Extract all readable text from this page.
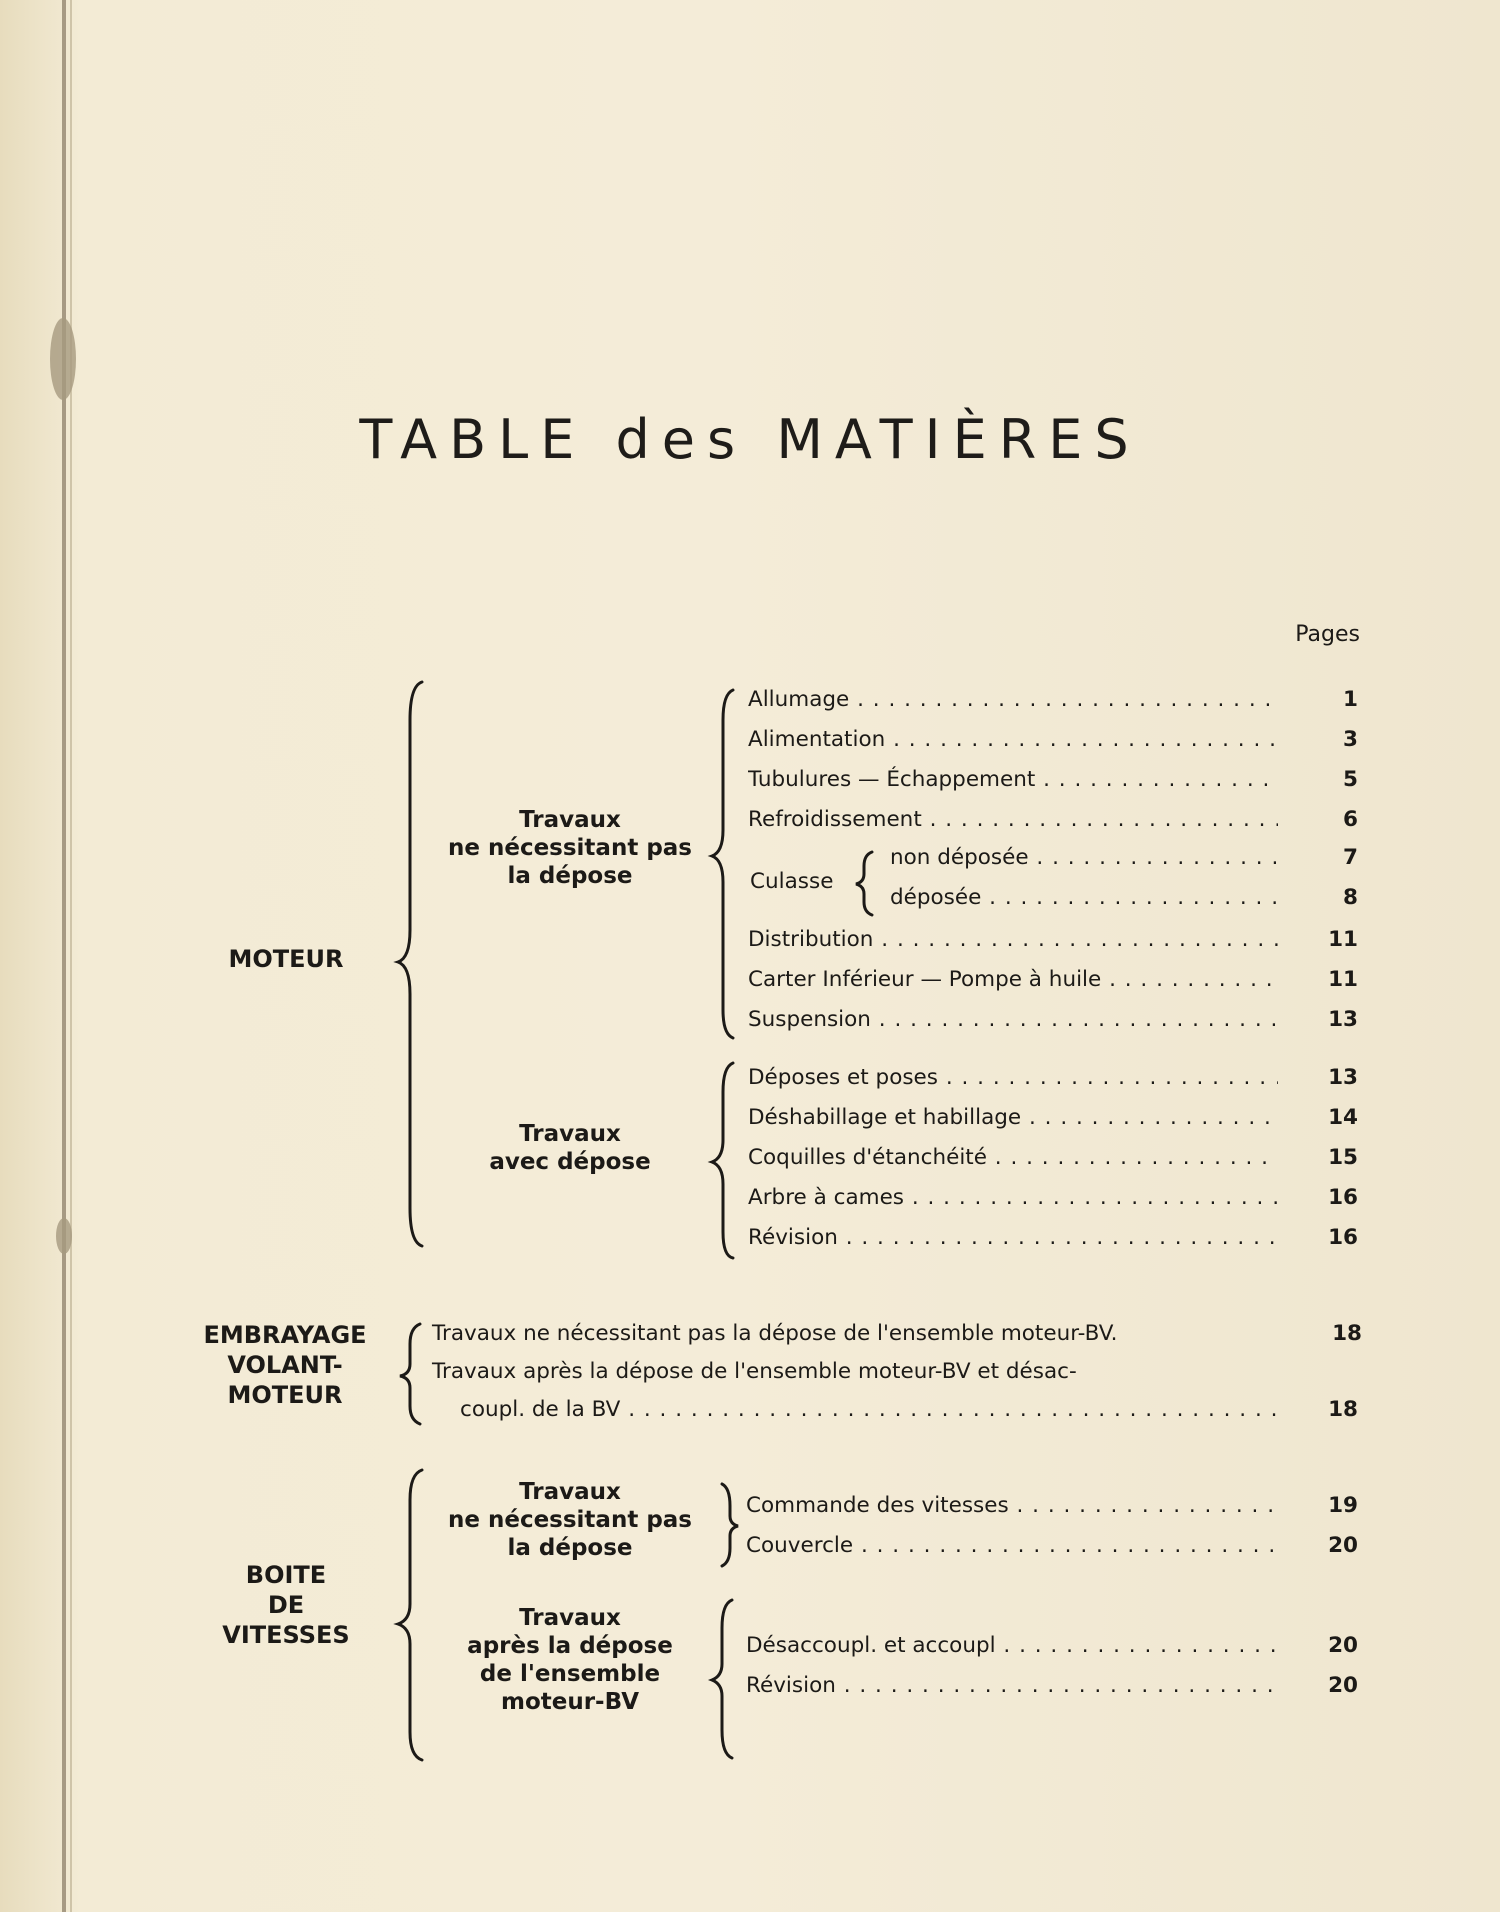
TABLE des MATIÈRES
Pages
MOTEUR
Travaux
ne nécessitant pas
la dépose
Allumage . . .	1
Alimentation . . .	3
Tubulures — Échappement . . .	5
Refroidissement . . .	6
Culasse
non déposée . . .	7
déposée . . .	8
Distribution . . .	11
Carter Inférieur — Pompe à huile . . .	11
Suspension . . .	13
Travaux
avec dépose
Déposes et poses . . .	13
Déshabillage et habillage . . .	14
Coquilles d'étanchéité . . .	15
Arbre à cames . . .	16
Révision . . .	16
EMBRAYAGE
VOLANT-
MOTEUR
Travaux ne nécessitant pas la dépose de l'ensemble moteur-BV.	18
Travaux après la dépose de l'ensemble moteur-BV et désac-
coupl. de la BV . . .	18
BOITE
DE
VITESSES
Travaux
ne nécessitant pas
la dépose
Commande des vitesses . . .	19
Couvercle . . .	20
Travaux
après la dépose
de l'ensemble
moteur-BV
Désaccoupl. et accoupl . . .	20
Révision . . .	20
